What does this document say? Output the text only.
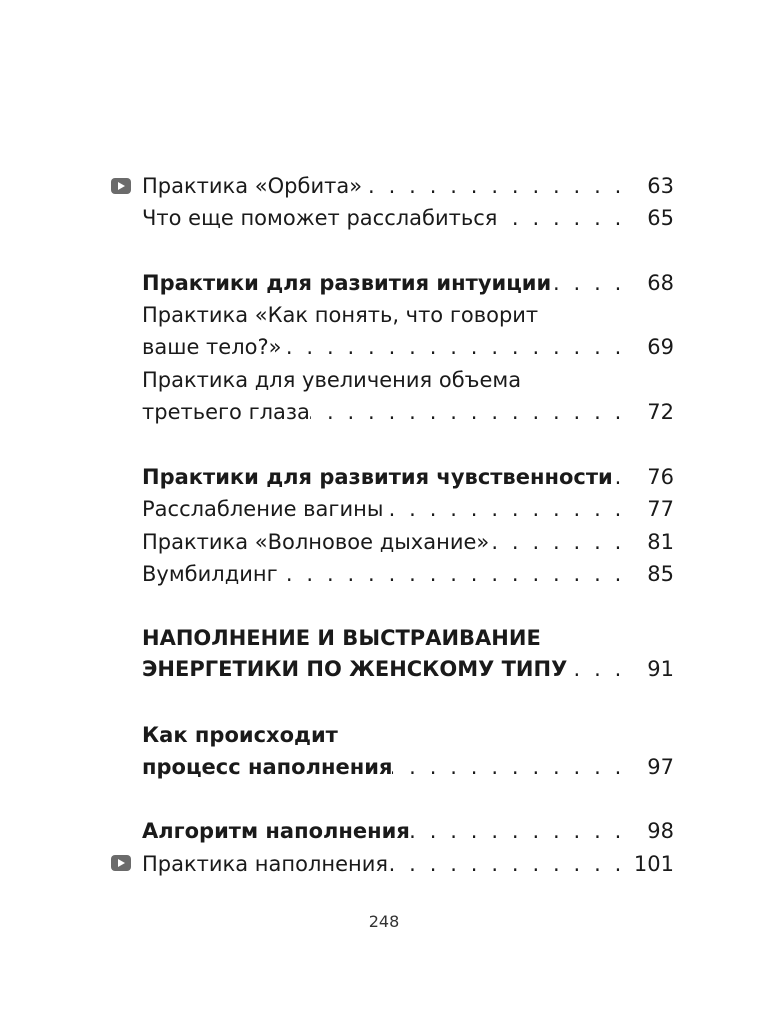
. . .
Практика «Орбита»	63
. . .
Что еще поможет расслабиться	65
. . .
Практики для развития интуиции	68
Практика «Как понять, что говорит
. . .
ваше тело?»	69
Практика для увеличения объема
. . .
третьего глаза	72
. . .
Практики для развития чувственности 76
. . .
Расслабление вагины	77
. . .
Практика «Волновое дыхание»	81
. . .
Вумбилдинг	85
НАПОЛНЕНИЕ И ВЫСТРАИВАНИЕ
. . .
ЭНЕРГЕТИКИ ПО ЖЕНСКОМУ ТИПУ	91
Как происходит
. . .
процесс наполнения	97
. . .
Алгоритм наполнения	98
. . .
Практика наполнения	101
248
